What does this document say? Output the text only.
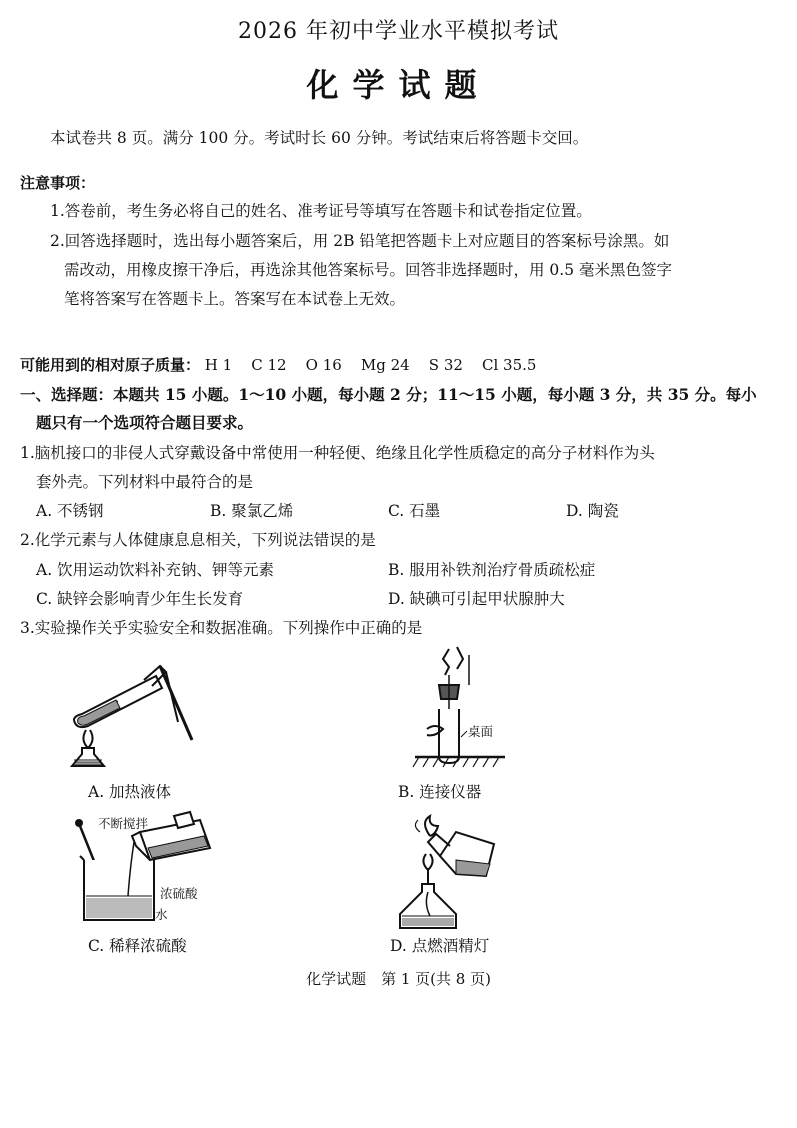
2026 年初中学业水平模拟考试
化学试题
本试卷共 8 页。满分 100 分。考试时长 60 分钟。考试结束后将答题卡交回。
注意事项：
1.答卷前，考生务必将自己的姓名、准考证号等填写在答题卡和试卷指定位置。
2.回答选择题时，选出每小题答案后，用 2B 铅笔把答题卡上对应题目的答案标号涂黑。如
需改动，用橡皮擦干净后，再选涂其他答案标号。回答非选择题时，用 0.5 毫米黑色签字
笔将答案写在答题卡上。答案写在本试卷上无效。
可能用到的相对原子质量： H 1    C 12    O 16    Mg 24    S 32    Cl 35.5
一、选择题：本题共 15 小题。1～10 小题，每小题 2 分；11～15 小题，每小题 3 分，共 35 分。每小
题只有一个选项符合题目要求。
1.脑机接口的非侵人式穿戴设备中常使用一种轻便、绝缘且化学性质稳定的高分子材料作为头
套外壳。下列材料中最符合的是
A. 不锈钢	B. 聚氯乙烯	C. 石墨	D. 陶瓷
2.化学元素与人体健康息息相关，下列说法错误的是
A. 饮用运动饮料补充钠、钾等元素	B. 服用补铁剂治疗骨质疏松症
C. 缺锌会影响青少年生长发育	D. 缺碘可引起甲状腺肿大
3.实验操作关乎实验安全和数据准确。下列操作中正确的是
A. 加热液体
桌面
B. 连接仪器
不断搅拌
浓硫酸
水
C. 稀释浓硫酸	D. 点燃酒精灯
化学试题　第 1 页(共 8 页)
